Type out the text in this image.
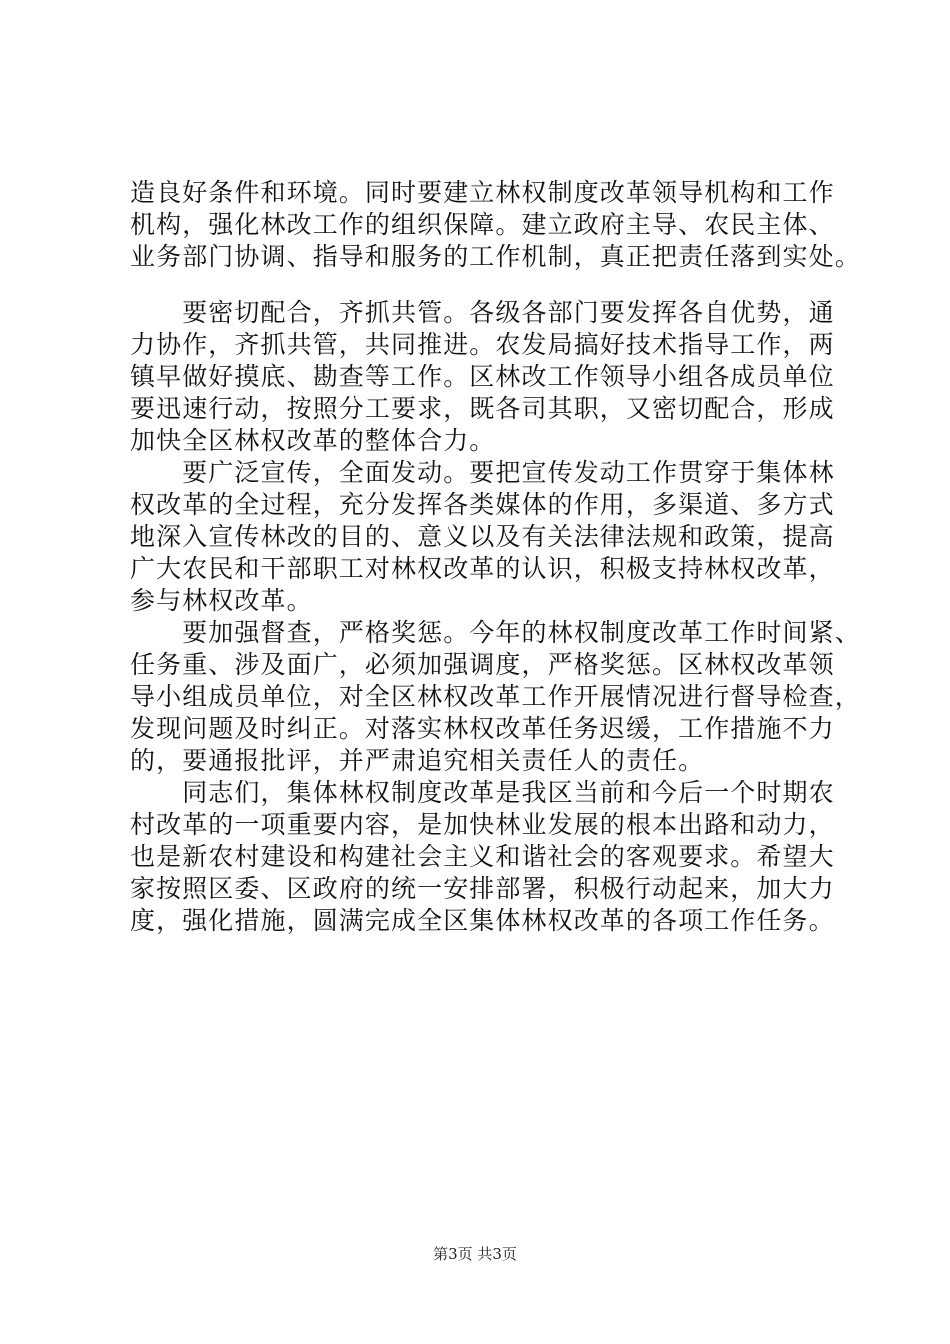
造良好条件和环境。同时要建立林权制度改革领导机构和工作
机构，强化林改工作的组织保障。建立政府主导、农民主体、
业务部门协调、指导和服务的工作机制，真正把责任落到实处。
　　要密切配合，齐抓共管。各级各部门要发挥各自优势，通
力协作，齐抓共管，共同推进。农发局搞好技术指导工作，两
镇早做好摸底、勘查等工作。区林改工作领导小组各成员单位
要迅速行动，按照分工要求，既各司其职，又密切配合，形成
加快全区林权改革的整体合力。
　　要广泛宣传，全面发动。要把宣传发动工作贯穿于集体林
权改革的全过程，充分发挥各类媒体的作用，多渠道、多方式
地深入宣传林改的目的、意义以及有关法律法规和政策，提高
广大农民和干部职工对林权改革的认识，积极支持林权改革，
参与林权改革。
　　要加强督查，严格奖惩。今年的林权制度改革工作时间紧、
任务重、涉及面广，必须加强调度，严格奖惩。区林权改革领
导小组成员单位，对全区林权改革工作开展情况进行督导检查，
发现问题及时纠正。对落实林权改革任务迟缓，工作措施不力
的，要通报批评，并严肃追究相关责任人的责任。
　　同志们，集体林权制度改革是我区当前和今后一个时期农
村改革的一项重要内容，是加快林业发展的根本出路和动力，
也是新农村建设和构建社会主义和谐社会的客观要求。希望大
家按照区委、区政府的统一安排部署，积极行动起来，加大力
度，强化措施，圆满完成全区集体林权改革的各项工作任务。
第3页 共3页
